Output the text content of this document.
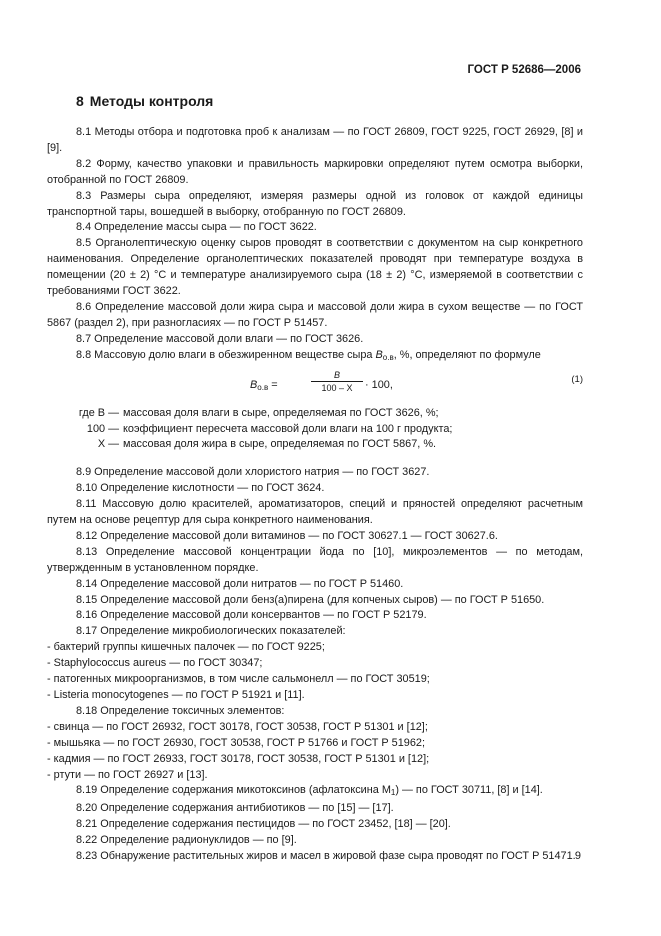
ГОСТ Р 52686—2006
8 Методы контроля

8.1 Методы отбора и подготовка проб к анализам — по ГОСТ 26809, ГОСТ 9225, ГОСТ 26929, [8] и [9].

8.2 Форму, качество упаковки и правильность маркировки определяют путем осмотра выборки, отобранной по ГОСТ 26809.

8.3 Размеры сыра определяют, измеряя размеры одной из головок от каждой единицы транспортной тары, вошедшей в выборку, отобранную по ГОСТ 26809.

8.4 Определение массы сыра — по ГОСТ 3622.

8.5 Органолептическую оценку сыров проводят в соответствии с документом на сыр конкретного наименования. Определение органолептических показателей проводят при температуре воздуха в помещении (20 ± 2) °С и температуре анализируемого сыра (18 ± 2) °С, измеряемой в соответствии с требованиями ГОСТ 3622.

8.6 Определение массовой доли жира сыра и массовой доли жира в сухом веществе — по ГОСТ 5867 (раздел 2), при разногласиях — по ГОСТ Р 51457.

8.7 Определение массовой доли влаги — по ГОСТ 3626.

8.8 Массовую долю влаги в обезжиренном веществе сыра $В_{о.в}$, %, определяют по формуле

$В_{о.в}$ =
В
100 – Х	· 100,	(1)
где В — массовая доля влаги в сыре, определяемая по ГОСТ 3626, %;
100 — коэффициент пересчета массовой доли влаги на 100 г продукта;
Х — массовая доля жира в сыре, определяемая по ГОСТ 5867, %.

8.9 Определение массовой доли хлористого натрия — по ГОСТ 3627.

8.10 Определение кислотности — по ГОСТ 3624.

8.11 Массовую долю красителей, ароматизаторов, специй и пряностей определяют расчетным путем на основе рецептур для сыра конкретного наименования.

8.12 Определение массовой доли витаминов — по ГОСТ 30627.1 — ГОСТ 30627.6.

8.13 Определение массовой концентрации йода по [10], микроэлементов — по методам, утвержденным в установленном порядке.

8.14 Определение массовой доли нитратов — по ГОСТ Р 51460.

8.15 Определение массовой доли бенз(а)пирена (для копченых сыров) — по ГОСТ Р 51650.

8.16 Определение массовой доли консервантов — по ГОСТ Р 52179.

8.17 Определение микробиологических показателей:

- бактерий группы кишечных палочек — по ГОСТ 9225;

- Staphylococcus aureus — по ГОСТ 30347;

- патогенных микроорганизмов, в том числе сальмонелл — по ГОСТ 30519;

- Listeria monocytogenes — по ГОСТ Р 51921 и [11].

8.18 Определение токсичных элементов:

- свинца — по ГОСТ 26932, ГОСТ 30178, ГОСТ 30538, ГОСТ Р 51301 и [12];

- мышьяка — по ГОСТ 26930, ГОСТ 30538, ГОСТ Р 51766 и ГОСТ Р 51962;

- кадмия — по ГОСТ 26933, ГОСТ 30178, ГОСТ 30538, ГОСТ Р 51301 и [12];

- ртути — по ГОСТ 26927 и [13].

8.19 Определение содержания микотоксинов (афлатоксина $М_1$) — по ГОСТ 30711, [8] и [14].

8.20 Определение содержания антибиотиков — по [15] — [17].

8.21 Определение содержания пестицидов — по ГОСТ 23452, [18] — [20].

8.22 Определение радионуклидов — по [9].

8.23 Обнаружение растительных жиров и масел в жировой фазе сыра проводят по ГОСТ Р 51471. 9
